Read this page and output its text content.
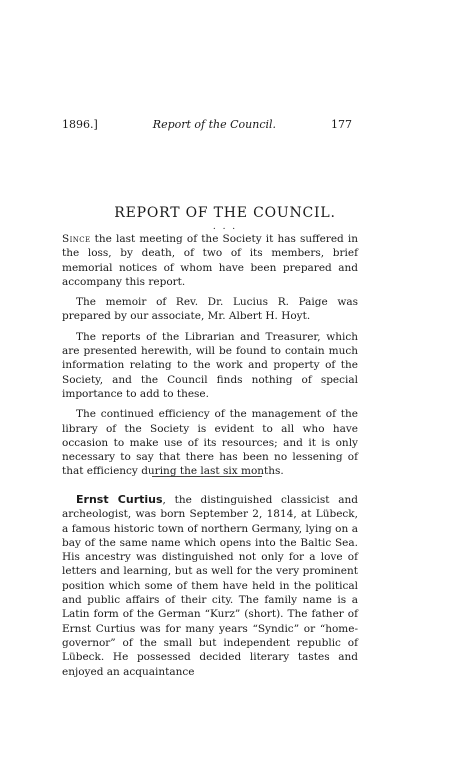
1896.]	Report of the Council.	177
REPORT OF THE COUNCIL.
. . .

Since the last meeting of the Society it has suffered in the loss, by death, of two of its members, brief memorial notices of whom have been prepared and accompany this report.

The memoir of Rev. Dr. Lucius R. Paige was prepared by our associate, Mr. Albert H. Hoyt.

The reports of the Librarian and Treasurer, which are presented herewith, will be found to contain much information relating to the work and property of the Society, and the Council finds nothing of special importance to add to these.

The continued efficiency of the management of the library of the Society is evident to all who have occasion to make use of its resources; and it is only necessary to say that there has been no lessening of that efficiency during the last six months.

Ernst Curtius, the distinguished classicist and archeologist, was born September 2, 1814, at Lübeck, a famous historic town of northern Germany, lying on a bay of the same name which opens into the Baltic Sea. His ancestry was distinguished not only for a love of letters and learning, but as well for the very prominent position which some of them have held in the political and public affairs of their city. The family name is a Latin form of the German “Kurz” (short). The father of Ernst Curtius was for many years “Syndic” or “home-governor” of the small but independent republic of Lübeck. He possessed decided literary tastes and enjoyed an acquaintance
